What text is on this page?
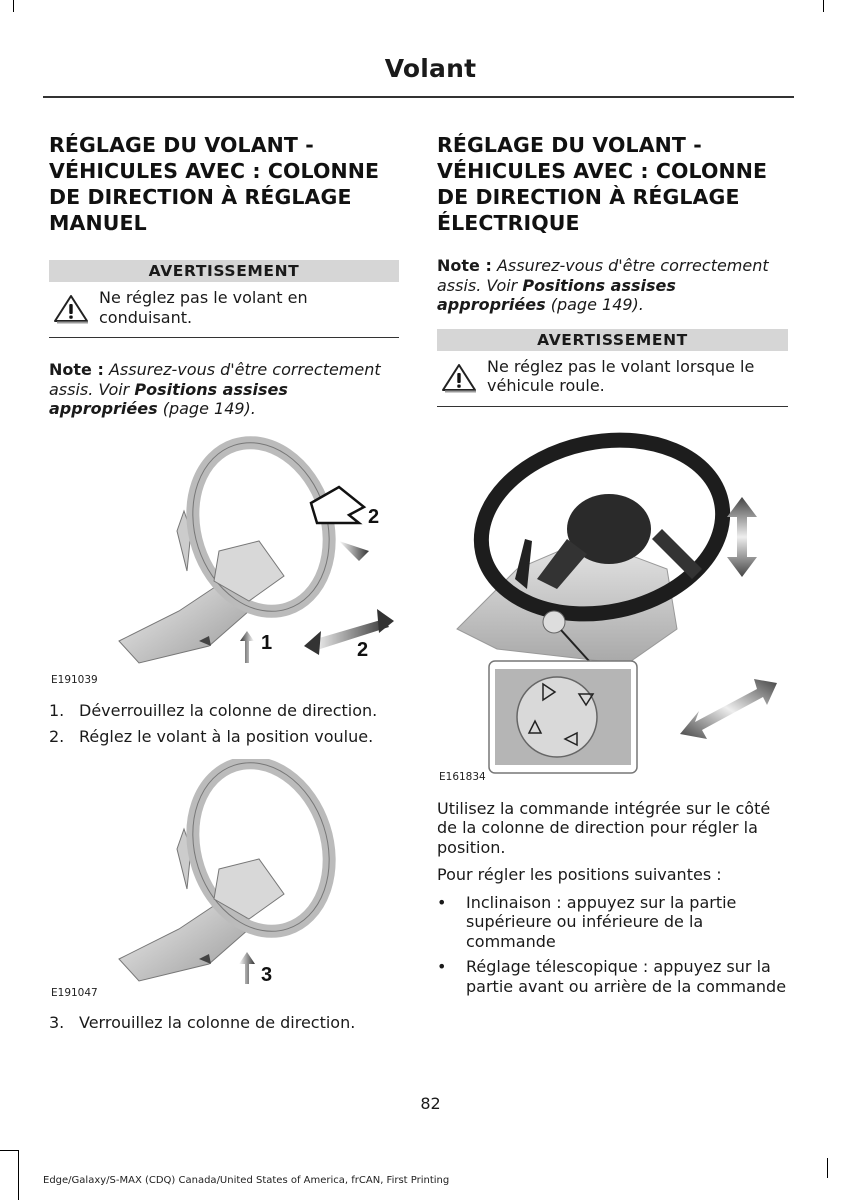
Volant
RÉGLAGE DU VOLANT - VÉHICULES AVEC : COLONNE DE DIRECTION À RÉGLAGE MANUEL
AVERTISSEMENT
Ne réglez pas le volant en conduisant.

Note : Assurez-vous d'être correctement assis. Voir Positions assises appropriées (page 149).

2
1	2
E191039
1. Déverrouillez la colonne de direction.
2. Réglez le volant à la position voulue.
3
E191047
3. Verrouillez la colonne de direction.
RÉGLAGE DU VOLANT - VÉHICULES AVEC : COLONNE DE DIRECTION À RÉGLAGE ÉLECTRIQUE

Note : Assurez-vous d'être correctement assis. Voir Positions assises appropriées (page 149).

AVERTISSEMENT
Ne réglez pas le volant lorsque le véhicule roule.
E161834

Utilisez la commande intégrée sur le côté de la colonne de direction pour régler la position.

Pour régler les positions suivantes :

•	Inclinaison : appuyez sur la partie supérieure ou inférieure de la commande
•	Réglage télescopique : appuyez sur la partie avant ou arrière de la commande
82
Edge/Galaxy/S-MAX (CDQ) Canada/United States of America, frCAN, First Printing
